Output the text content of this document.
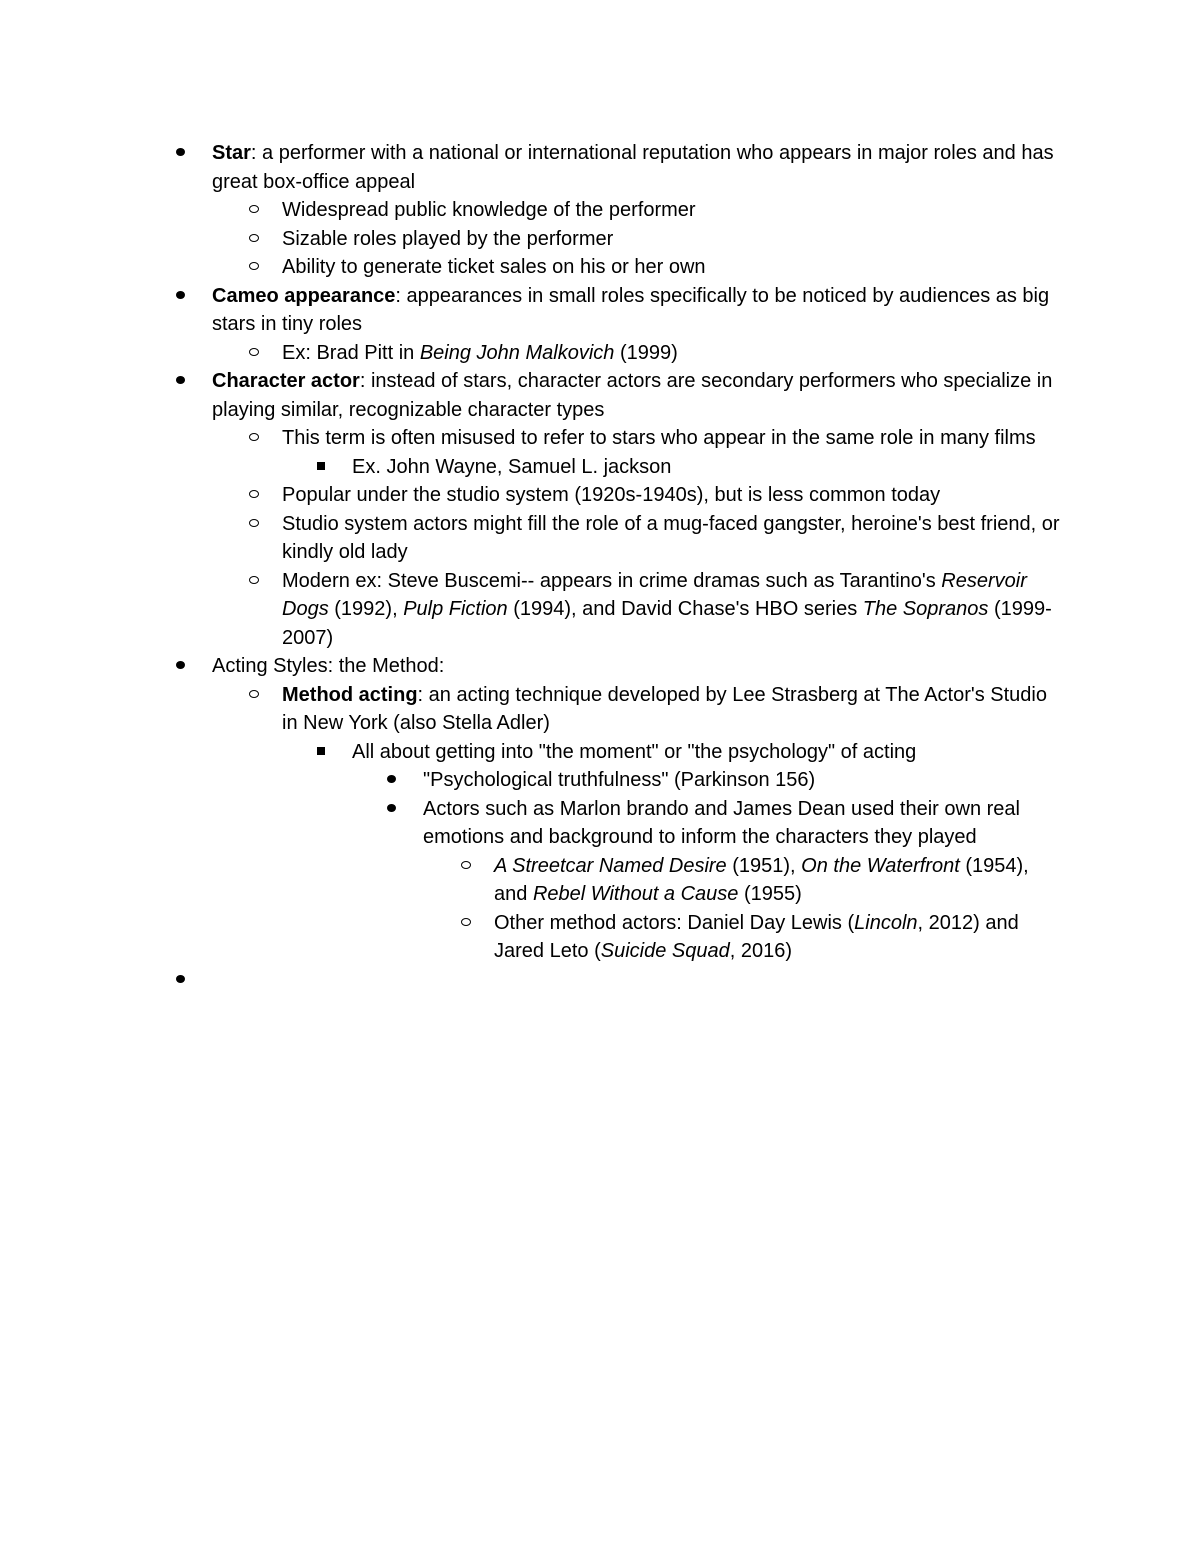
Star: a performer with a national or international reputation who appears in major roles and has great box-office appeal
Widespread public knowledge of the performer
Sizable roles played by the performer
Ability to generate ticket sales on his or her own
Cameo appearance: appearances in small roles specifically to be noticed by audiences as big stars in tiny roles
Ex: Brad Pitt in Being John Malkovich (1999)
Character actor: instead of stars, character actors are secondary performers who specialize in playing similar, recognizable character types
This term is often misused to refer to stars who appear in the same role in many films
Ex. John Wayne, Samuel L. jackson
Popular under the studio system (1920s-1940s), but is less common today
Studio system actors might fill the role of a mug-faced gangster, heroine's best friend, or kindly old lady
Modern ex: Steve Buscemi-- appears in crime dramas such as Tarantino's Reservoir Dogs (1992), Pulp Fiction (1994), and David Chase's HBO series The Sopranos (1999-2007)
Acting Styles: the Method:
Method acting: an acting technique developed by Lee Strasberg at The Actor's Studio in New York (also Stella Adler)
All about getting into "the moment" or "the psychology" of acting
"Psychological truthfulness" (Parkinson 156)
Actors such as Marlon brando and James Dean used their own real emotions and background to inform the characters they played
A Streetcar Named Desire (1951), On the Waterfront (1954), and Rebel Without a Cause (1955)
Other method actors: Daniel Day Lewis (Lincoln, 2012) and Jared Leto (Suicide Squad, 2016)
